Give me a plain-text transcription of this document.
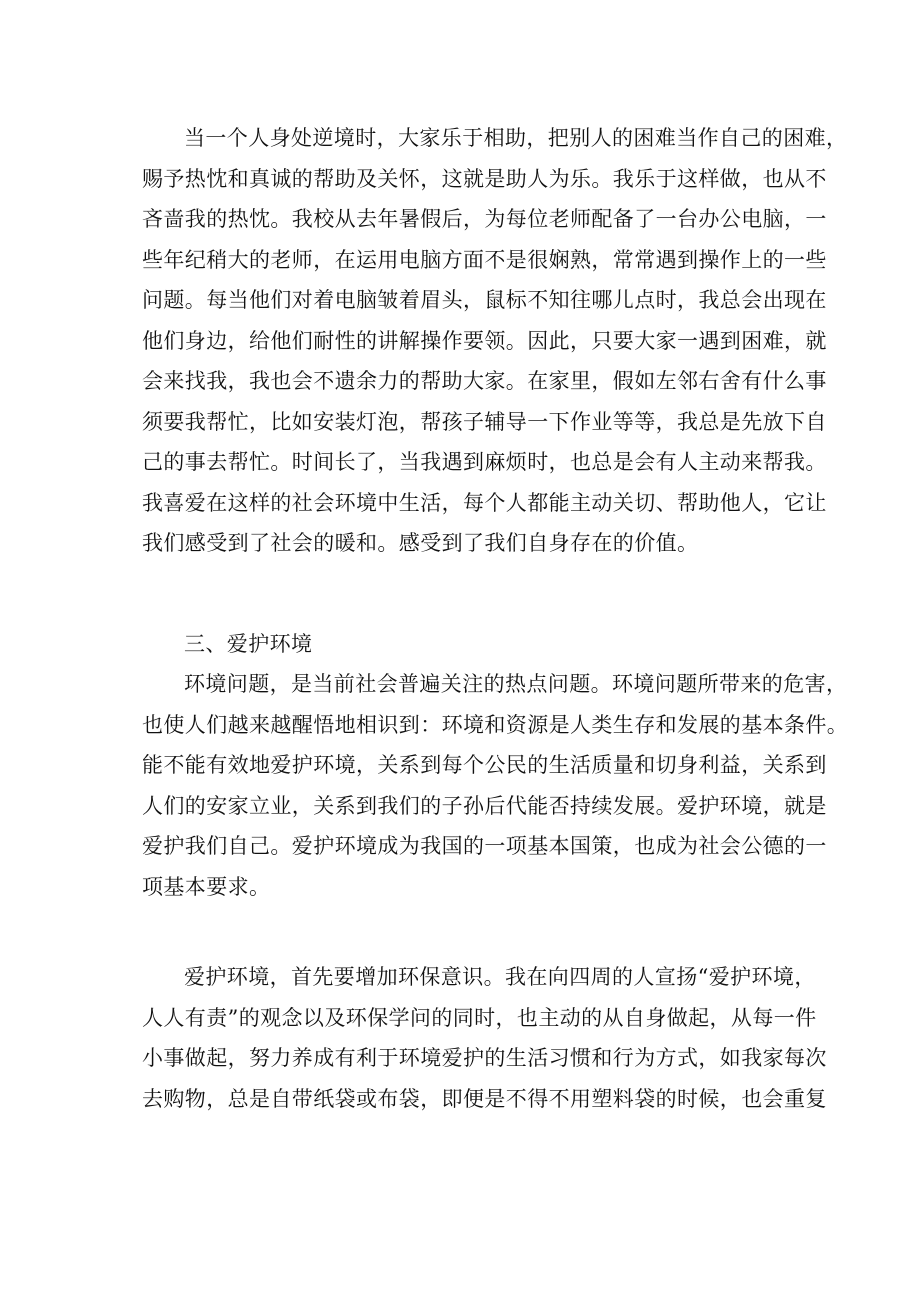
当一个人身处逆境时，大家乐于相助，把别人的困难当作自己的困难，
赐予热忱和真诚的帮助及关怀，这就是助人为乐。我乐于这样做，也从不
吝啬我的热忱。我校从去年暑假后，为每位老师配备了一台办公电脑，一
些年纪稍大的老师，在运用电脑方面不是很娴熟，常常遇到操作上的一些
问题。每当他们对着电脑皱着眉头，鼠标不知往哪儿点时，我总会出现在
他们身边，给他们耐性的讲解操作要领。因此，只要大家一遇到困难，就
会来找我，我也会不遗余力的帮助大家。在家里，假如左邻右舍有什么事
须要我帮忙，比如安装灯泡，帮孩子辅导一下作业等等，我总是先放下自
己的事去帮忙。时间长了，当我遇到麻烦时，也总是会有人主动来帮我。
我喜爱在这样的社会环境中生活，每个人都能主动关切、帮助他人，它让
我们感受到了社会的暖和。感受到了我们自身存在的价值。
三、爱护环境
环境问题，是当前社会普遍关注的热点问题。环境问题所带来的危害，
也使人们越来越醒悟地相识到：环境和资源是人类生存和发展的基本条件。
能不能有效地爱护环境，关系到每个公民的生活质量和切身利益，关系到
人们的安家立业，关系到我们的子孙后代能否持续发展。爱护环境，就是
爱护我们自己。爱护环境成为我国的一项基本国策，也成为社会公德的一
项基本要求。
爱护环境，首先要增加环保意识。我在向四周的人宣扬“爱护环境，
人人有责”的观念以及环保学问的同时，也主动的从自身做起，从每一件
小事做起，努力养成有利于环境爱护的生活习惯和行为方式，如我家每次
去购物，总是自带纸袋或布袋，即便是不得不用塑料袋的时候，也会重复
